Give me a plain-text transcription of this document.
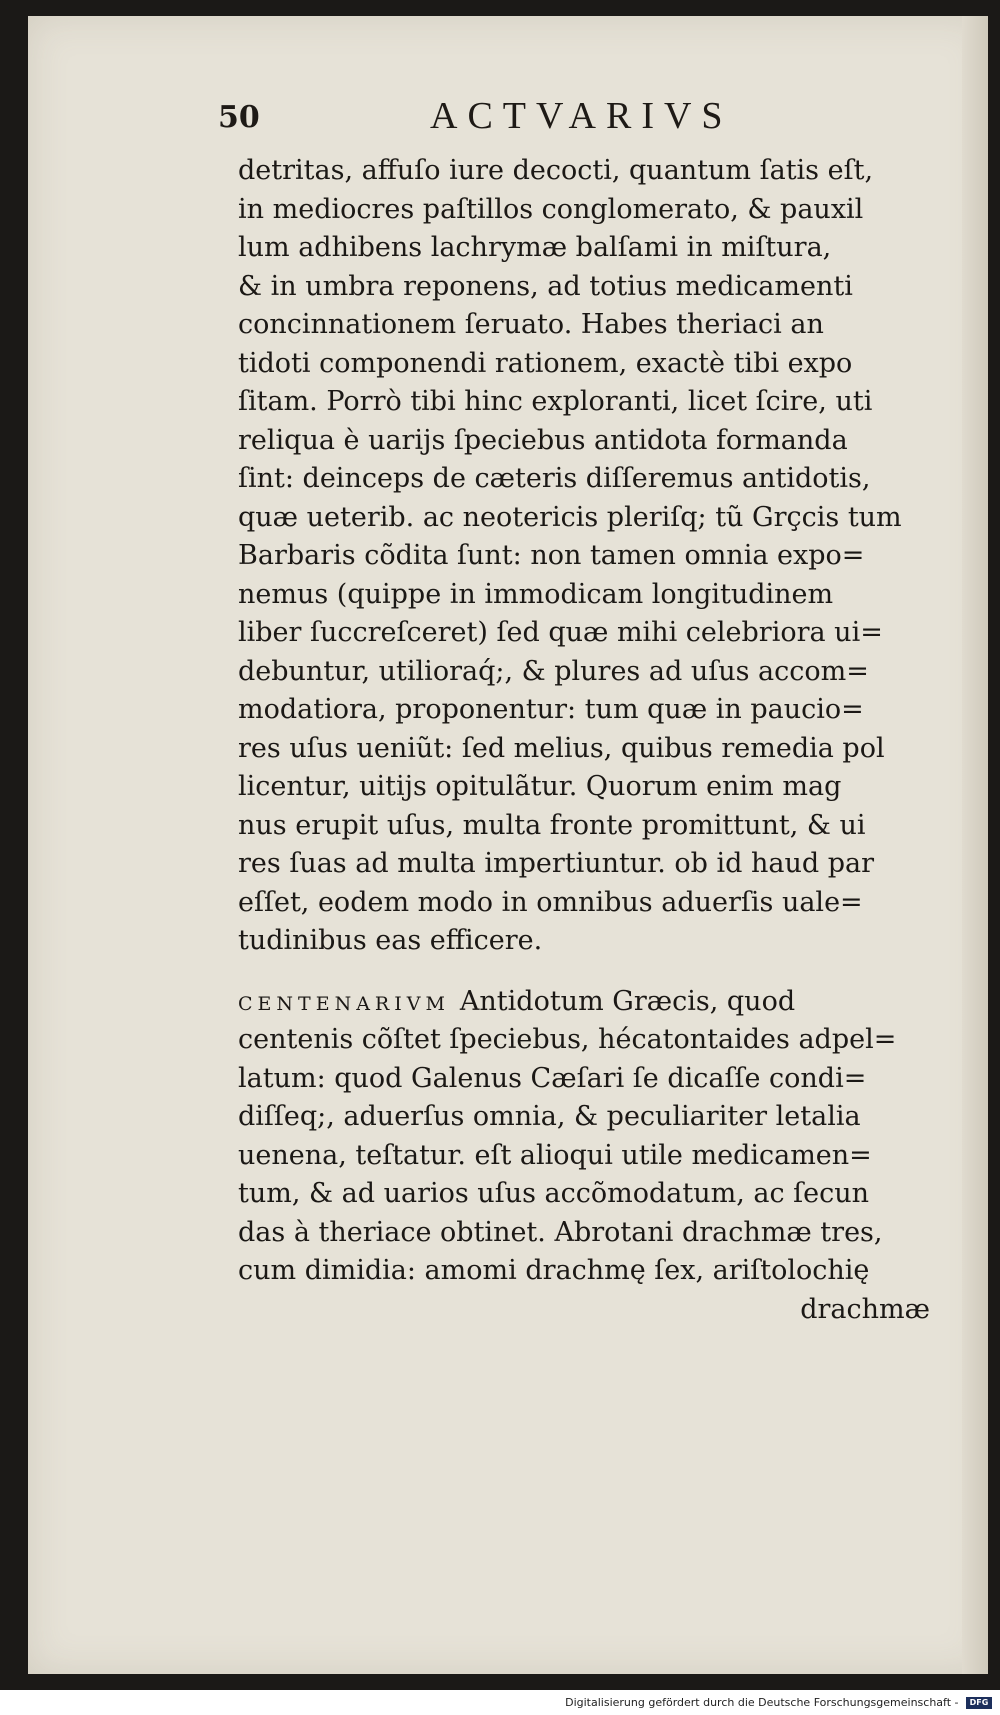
50	ACTVARIVS
detritas, affuſo iure decocti, quantum ſatis eſt,
in mediocres paſtillos conglomerato, & pauxil
lum adhibens lachrymæ balſami in miſtura,
& in umbra reponens, ad totius medicamenti
concinnationem ſeruato. Habes theriaci an
tidoti componendi rationem, exactè tibi expo
ſitam. Porrò tibi hinc exploranti, licet ſcire, uti
reliqua è uarijs ſpeciebus antidota formanda
ſint: deinceps de cæteris diſſeremus antidotis,
quæ ueterib. ac neotericis pleriſq; tũ Grçcis tum
Barbaris cõdita ſunt: non tamen omnia expo=
nemus (quippe in immodicam longitudinem
liber ſuccreſceret) ſed quæ mihi celebriora ui=
debuntur, utilioraq́;, & plures ad uſus accom=
modatiora, proponentur: tum quæ in paucio=
res uſus ueniũt: ſed melius, quibus remedia pol
licentur, uitijs opitulãtur. Quorum enim mag
nus erupit uſus, multa fronte promittunt, & ui
res ſuas ad multa impertiuntur. ob id haud par
eſſet, eodem modo in omnibus aduerſis uale=
tudinibus eas efficere.
CENTENARIVM Antidotum Græcis, quod
centenis cõſtet ſpeciebus, hécatontaides adpel=
latum: quod Galenus Cæſari ſe dicaſſe condi=
diſſeq;, aduerſus omnia, & peculiariter letalia
uenena, teſtatur. eſt alioqui utile medicamen=
tum, & ad uarios uſus accõmodatum, ac ſecun
das à theriace obtinet. Abrotani drachmæ tres,
cum dimidia: amomi drachmę ſex, ariſtolochię
drachmæ
Digitalisierung gefördert durch die Deutsche Forschungsgemeinschaft - DFG
